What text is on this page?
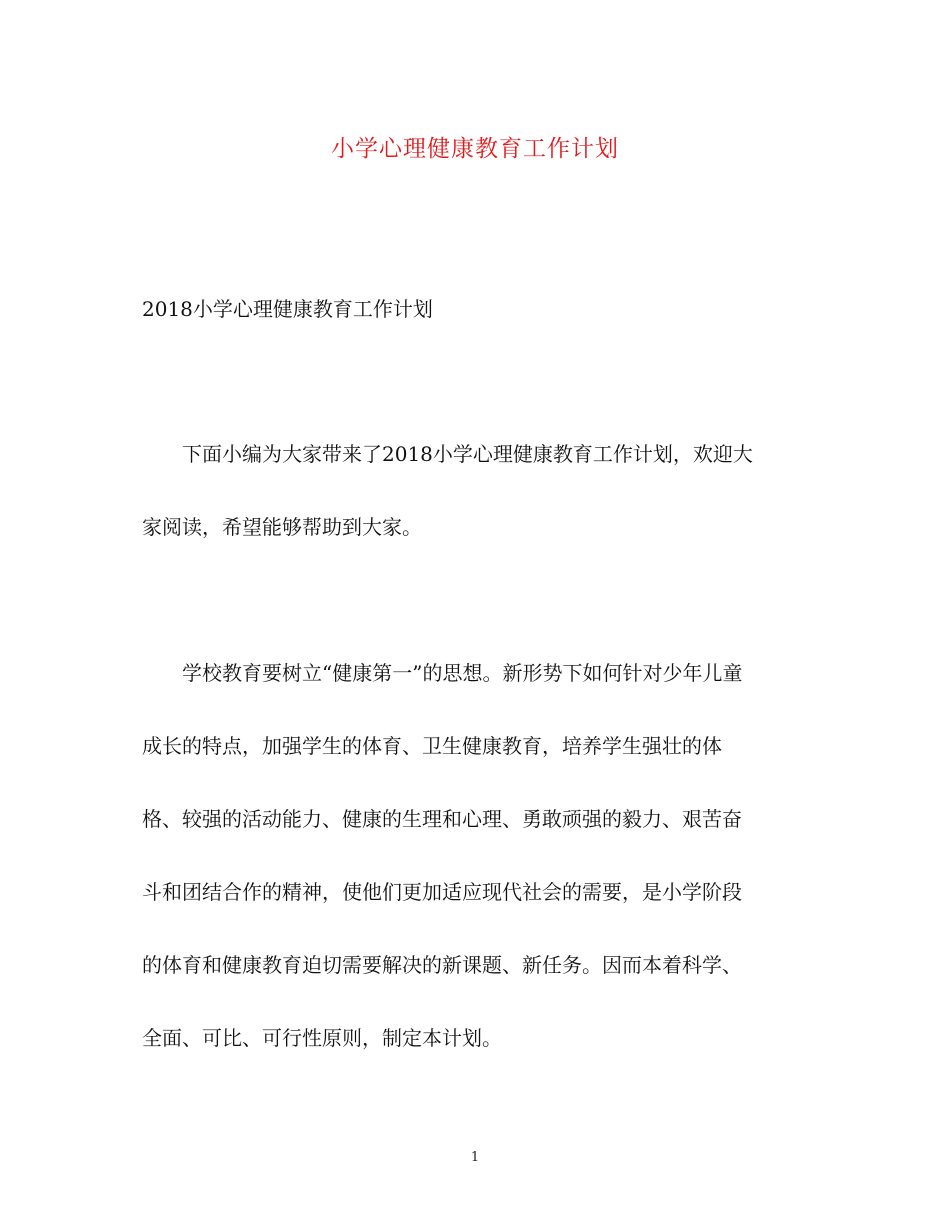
小学心理健康教育工作计划

2018小学心理健康教育工作计划

下面小编为大家带来了2018小学心理健康教育工作计划，欢迎大

家阅读，希望能够帮助到大家。

学校教育要树立“健康第一”的思想。新形势下如何针对少年儿童

成长的特点，加强学生的体育、卫生健康教育，培养学生强壮的体

格、较强的活动能力、健康的生理和心理、勇敢顽强的毅力、艰苦奋

斗和团结合作的精神，使他们更加适应现代社会的需要，是小学阶段

的体育和健康教育迫切需要解决的新课题、新任务。因而本着科学、

全面、可比、可行性原则，制定本计划。

1
